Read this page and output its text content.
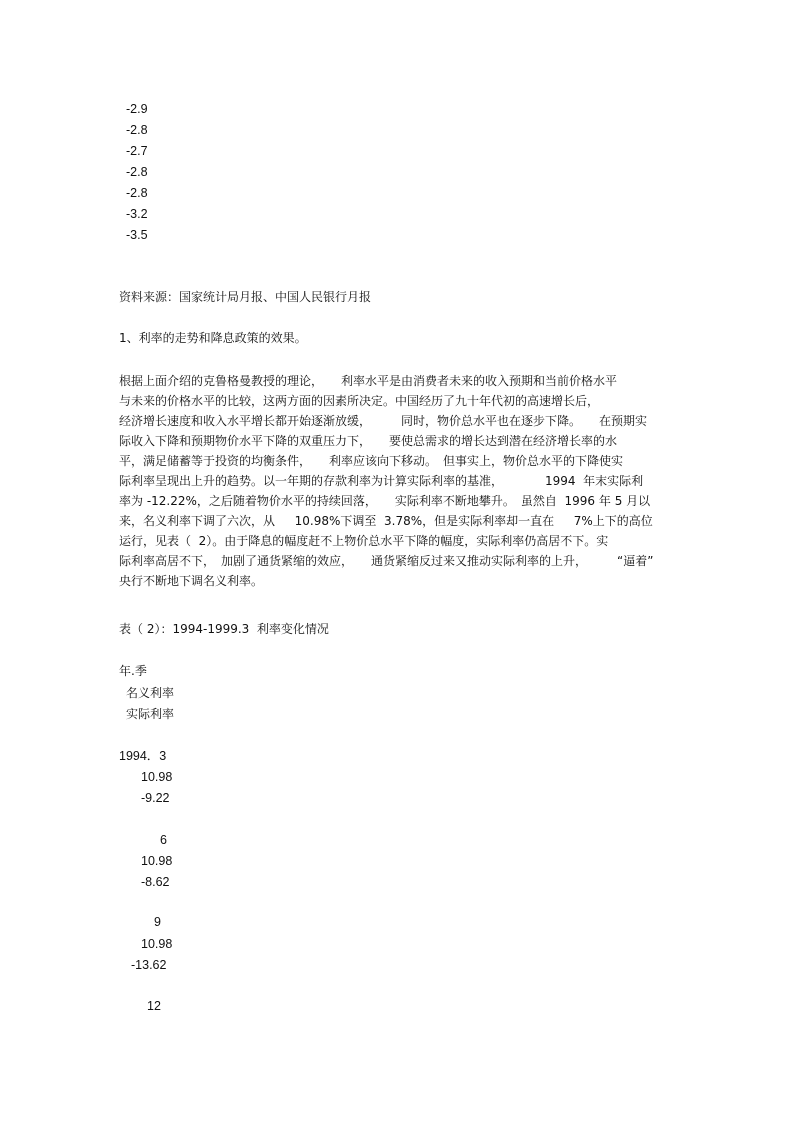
-2.9
-2.8
-2.7
-2.8
-2.8
-3.2
-3.5
资料来源：国家统计局月报、中国人民银行月报
1、利率的走势和降息政策的效果。
根据上面介绍的克鲁格曼教授的理论，　　利率水平是由消费者未来的收入预期和当前价格水平
与未来的价格水平的比较，这两方面的因素所决定。中国经历了九十年代初的高速增长后，
经济增长速度和收入水平增长都开始逐渐放缓，　　　同时，物价总水平也在逐步下降。　　在预期实
际收入下降和预期物价水平下降的双重压力下，　　要使总需求的增长达到潜在经济增长率的水
平，满足储蓄等于投资的均衡条件，　　利率应该向下移动。　但事实上，物价总水平的下降使实
际利率呈现出上升的趋势。以一年期的存款利率为计算实际利率的基准，　　　　1994  年末实际利
率为 -12.22%，之后随着物价水平的持续回落，　　实际利率不断地攀升。　虽然自  1996 年 5 月以
来，名义利率下调了六次，从　  10.98%下调至  3.78%，但是实际利率却一直在　  7%上下的高位
运行，见表（  2）。由于降息的幅度赶不上物价总水平下降的幅度，实际利率仍高居不下。实
际利率高居不下，　加剧了通货紧缩的效应，　　通货紧缩反过来又推动实际利率的上升，　　　“逼着”
央行不断地下调名义利率。
表（ 2）：1994-1999.3  利率变化情况
年.季
名义利率
实际利率
1994．3
10.98
-9.22
6
10.98
-8.62
9
10.98
-13.62
12
